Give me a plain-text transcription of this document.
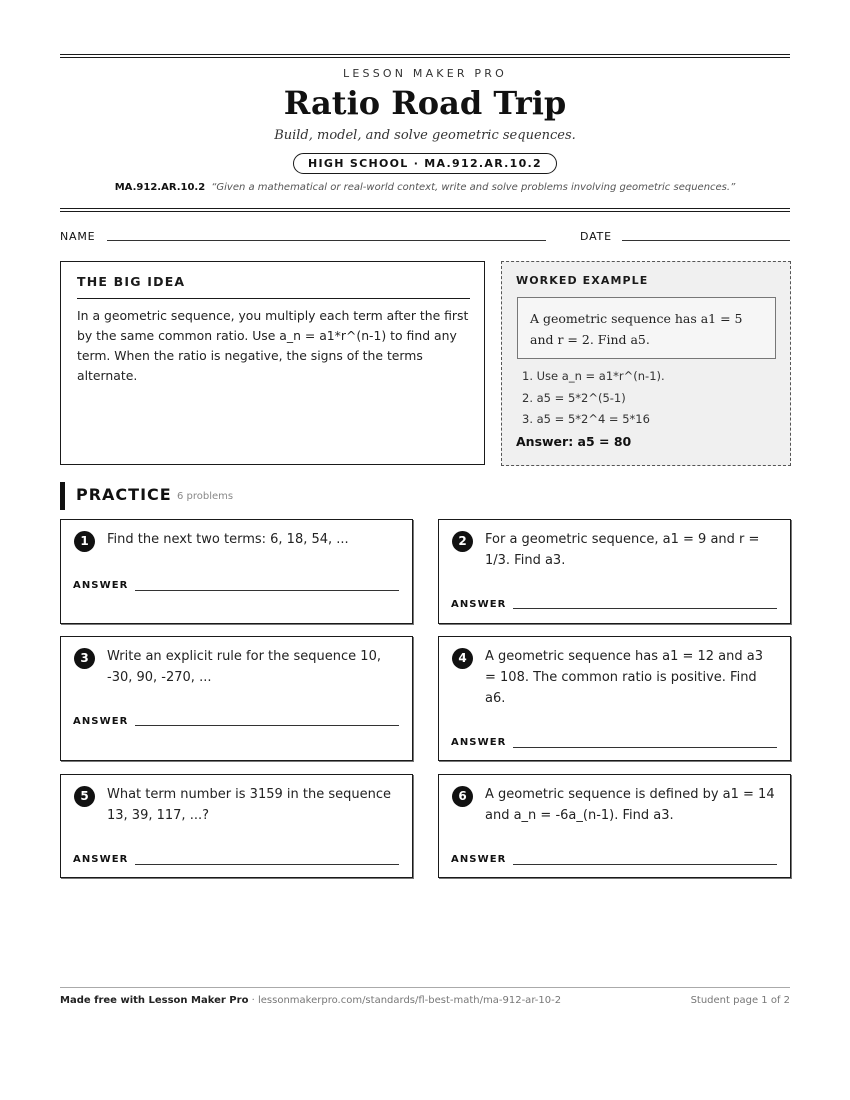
LESSON MAKER PRO
Ratio Road Trip
Build, model, and solve geometric sequences.
HIGH SCHOOL · MA.912.AR.10.2
MA.912.AR.10.2 “Given a mathematical or real-world context, write and solve problems involving geometric sequences.”
NAME	DATE
THE BIG IDEA
In a geometric sequence, you multiply each term after the first by the same common ratio. Use a_n = a1*r^(n-1) to find any term. When the ratio is negative, the signs of the terms alternate.
WORKED EXAMPLE
A geometric sequence has a1 = 5 and r = 2. Find a5.
1. Use a_n = a1*r^(n-1).
2. a5 = 5*2^(5-1)
3. a5 = 5*2^4 = 5*16
Answer: a5 = 80
PRACTICE 6 problems
1	Find the next two terms: 6, 18, 54, ...
ANSWER
2	For a geometric sequence, a1 = 9 and r = 1/3. Find a3.
ANSWER
3	Write an explicit rule for the sequence 10, -30, 90, -270, ...
ANSWER
4	A geometric sequence has a1 = 12 and a3 = 108. The common ratio is positive. Find a6.
ANSWER
5	What term number is 3159 in the sequence 13, 39, 117, ...?
ANSWER
6	A geometric sequence is defined by a1 = 14 and a_n = -6a_(n-1). Find a3.
ANSWER
Made free with Lesson Maker Pro · lessonmakerpro.com/standards/fl-best-math/ma-912-ar-10-2	Student page 1 of 2
